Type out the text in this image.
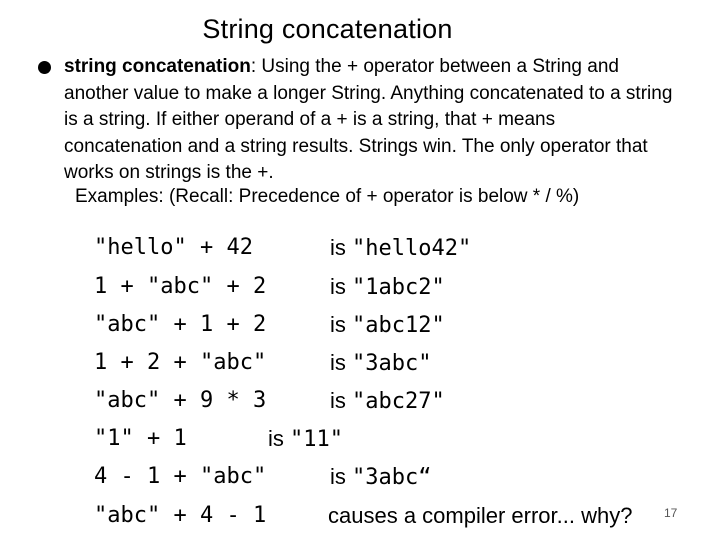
String concatenation
string concatenation: Using the + operator between a String and another value to make a longer String. Anything concatenated to a string is a string. If either operand of a + is a string, that + means concatenation and a string results. Strings win. The only operator that works on strings is the +.
Examples: (Recall: Precedence of + operator is below * / %)
"hello" + 42	is "hello42"
1 + "abc" + 2	is "1abc2"
"abc" + 1 + 2	is "abc12"
1 + 2 + "abc"	is "3abc"
"abc" + 9 * 3	is "abc27"
"1" + 1	is "11"
4 - 1 + "abc"	is "3abc“
"abc" + 4 - 1	causes a compiler error... why?	17
